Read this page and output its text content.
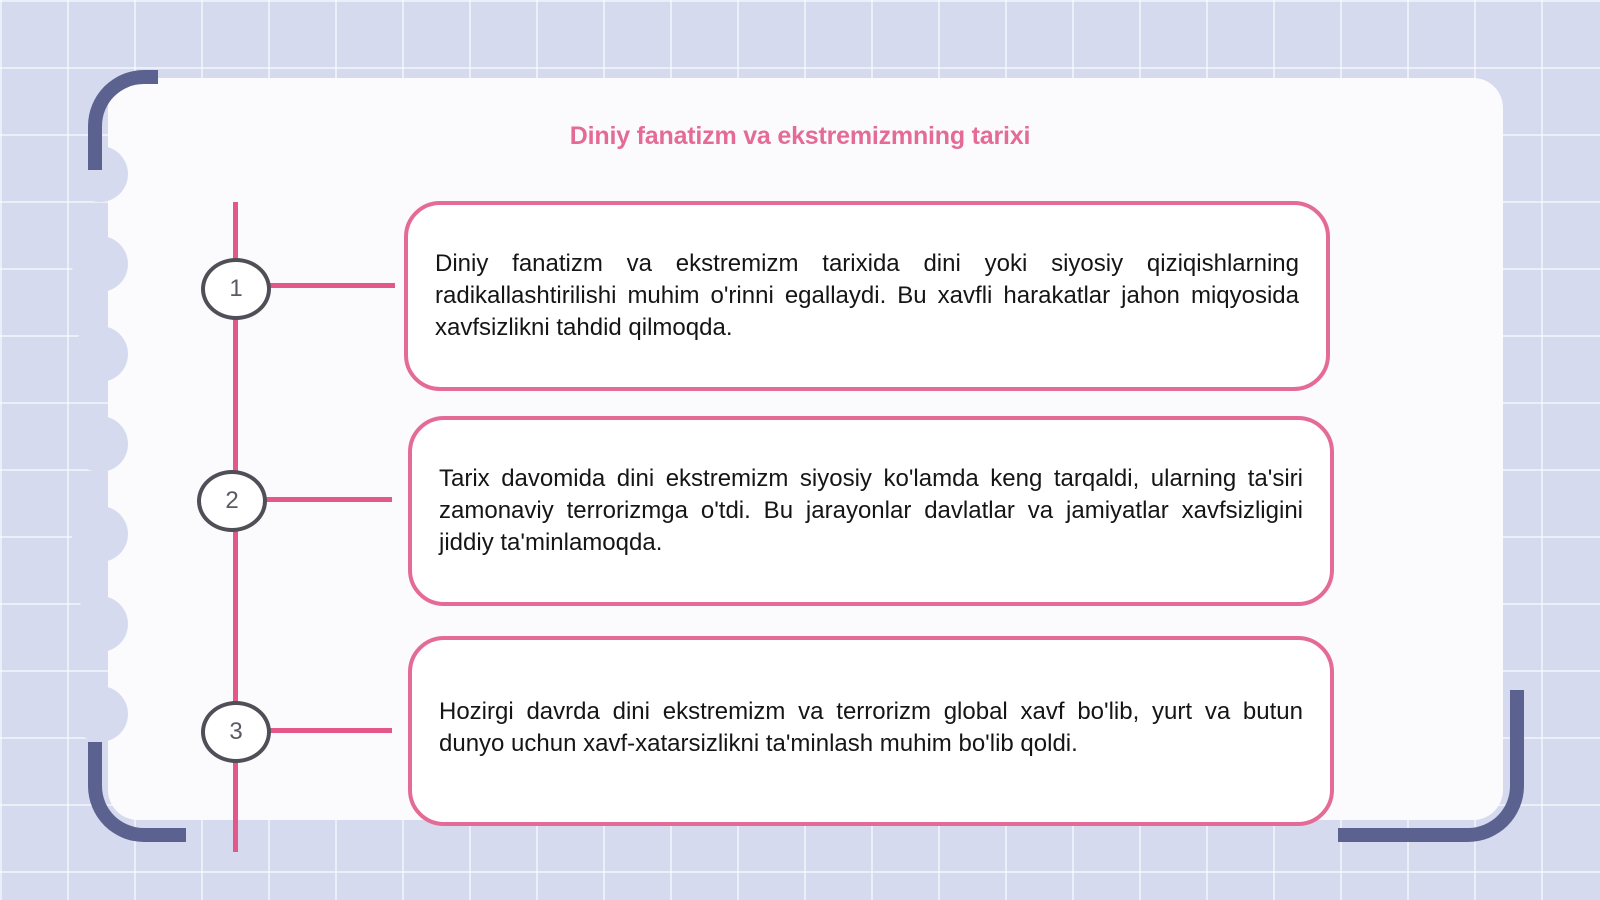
Diniy fanatizm va ekstremizmning tarixi
1
2
3

Diniy fanatizm va ekstremizm tarixida dini yoki siyosiy qiziqishlarning radikallashtirilishi muhim o'rinni egallaydi. Bu xavfli harakatlar jahon miqyosida xavfsizlikni tahdid qilmoqda.

Tarix davomida dini ekstremizm siyosiy ko'lamda keng tarqaldi, ularning ta'siri zamonaviy terrorizmga o'tdi. Bu jarayonlar davlatlar va jamiyatlar xavfsizligini jiddiy ta'minlamoqda.

Hozirgi davrda dini ekstremizm va terrorizm global xavf bo'lib, yurt va butun dunyo uchun xavf-xatarsizlikni ta'minlash muhim bo'lib qoldi.
